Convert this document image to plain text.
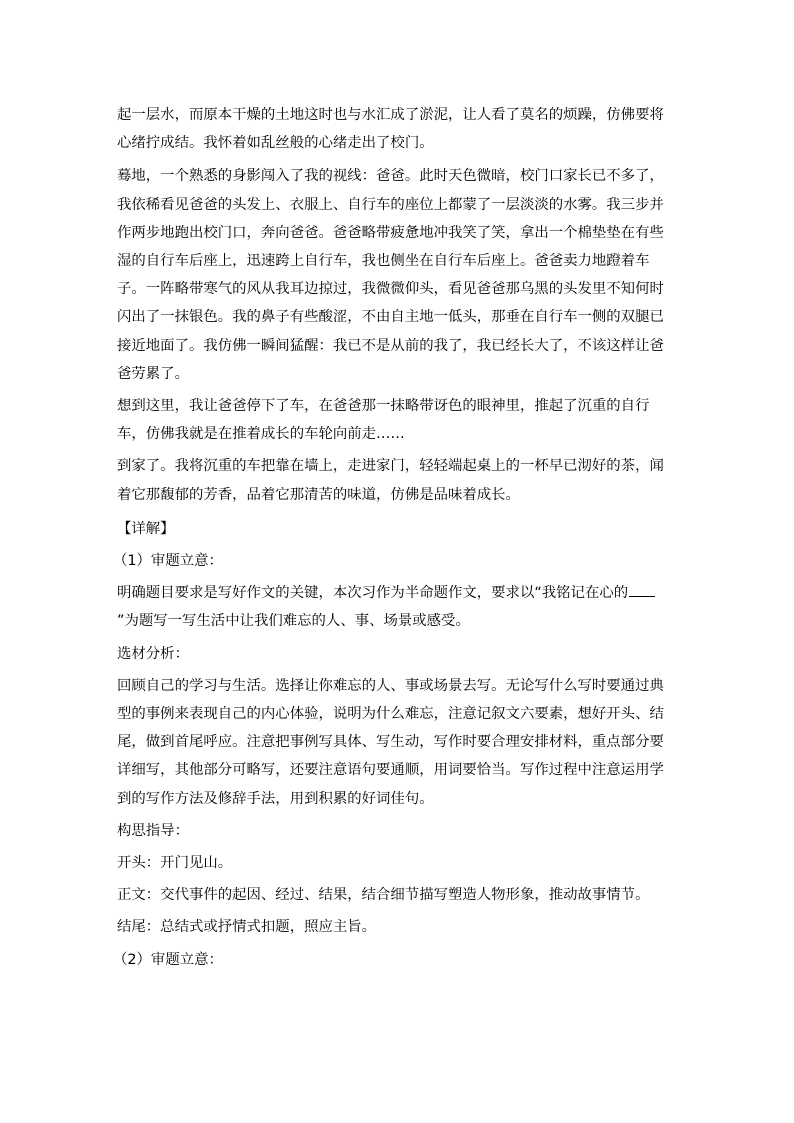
起一层水，而原本干燥的土地这时也与水汇成了淤泥，让人看了莫名的烦躁，仿佛要将心绪拧成结。我怀着如乱丝般的心绪走出了校门。

蓦地，一个熟悉的身影闯入了我的视线：爸爸。此时天色微暗，校门口家长已不多了，我依稀看见爸爸的头发上、衣服上、自行车的座位上都蒙了一层淡淡的水雾。我三步并作两步地跑出校门口，奔向爸爸。爸爸略带疲惫地冲我笑了笑，拿出一个棉垫垫在有些湿的自行车后座上，迅速跨上自行车，我也侧坐在自行车后座上。爸爸卖力地蹬着车子。一阵略带寒气的风从我耳边掠过，我微微仰头，看见爸爸那乌黑的头发里不知何时闪出了一抹银色。我的鼻子有些酸涩，不由自主地一低头，那垂在自行车一侧的双腿已接近地面了。我仿佛一瞬间猛醒：我已不是从前的我了，我已经长大了，不该这样让爸爸劳累了。

想到这里，我让爸爸停下了车，在爸爸那一抹略带讶色的眼神里，推起了沉重的自行车，仿佛我就是在推着成长的车轮向前走……

到家了。我将沉重的车把靠在墙上，走进家门，轻轻端起桌上的一杯早已沏好的茶，闻着它那馥郁的芳香，品着它那清苦的味道，仿佛是品味着成长。

【详解】

（1）审题立意：

明确题目要求是写好作文的关键，本次习作为半命题作文，要求以“我铭记在心的”为题写一写生活中让我们难忘的人、事、场景或感受。

选材分析：

回顾自己的学习与生活。选择让你难忘的人、事或场景去写。无论写什么写时要通过典型的事例来表现自己的内心体验，说明为什么难忘，注意记叙文六要素，想好开头、结尾，做到首尾呼应。注意把事例写具体、写生动，写作时要合理安排材料，重点部分要详细写，其他部分可略写，还要注意语句要通顺，用词要恰当。写作过程中注意运用学到的写作方法及修辞手法，用到积累的好词佳句。

构思指导：

开头：开门见山。

正文：交代事件的起因、经过、结果，结合细节描写塑造人物形象，推动故事情节。

结尾：总结式或抒情式扣题，照应主旨。

（2）审题立意：
